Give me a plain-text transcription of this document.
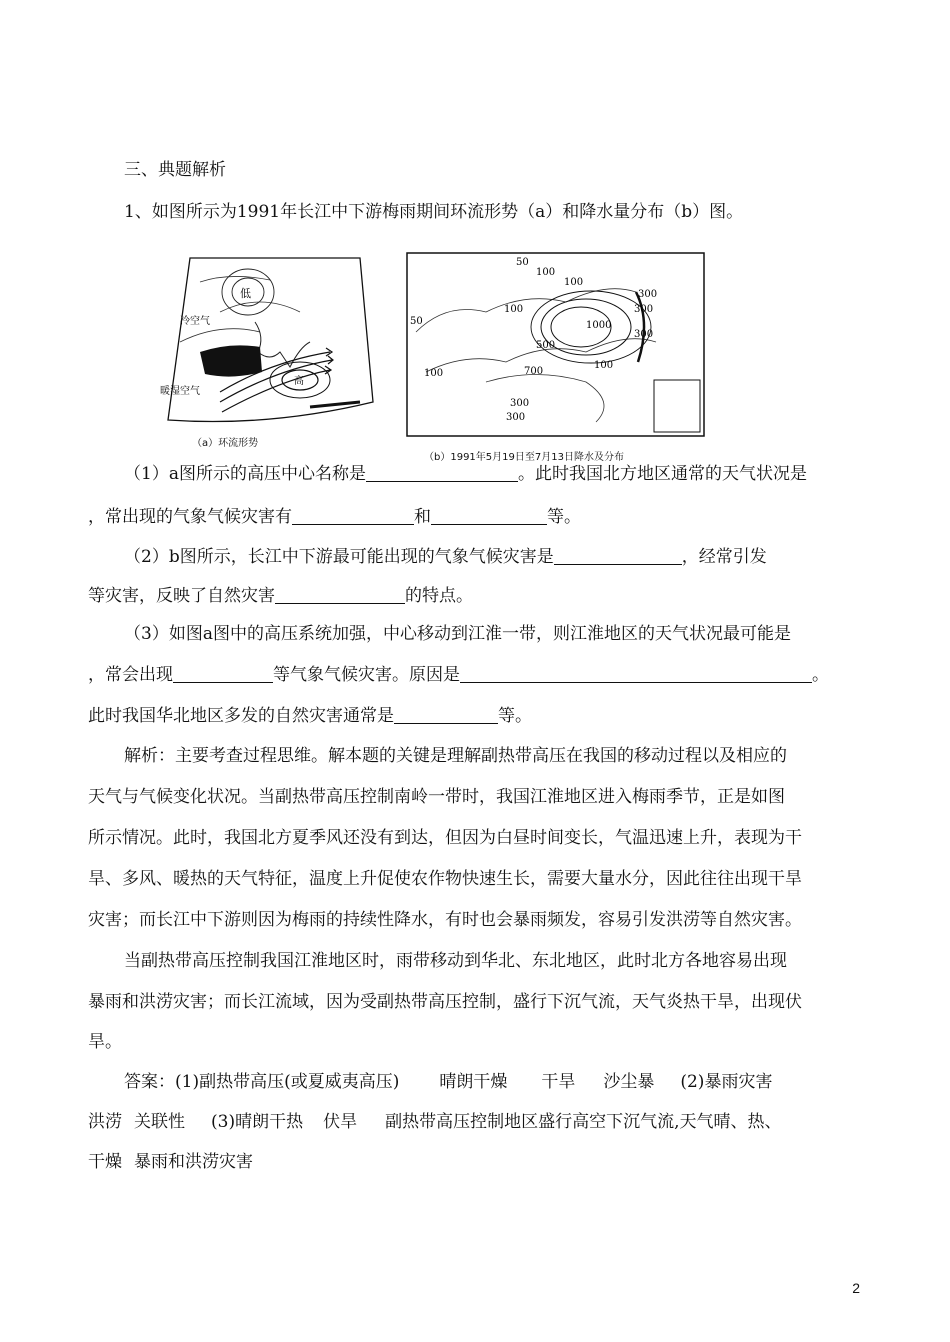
三、典题解析
1、如图所示为1991年长江中下游梅雨期间环流形势（a）和降水量分布（b）图。
低
冷空气
高
暖湿空气
（a）环流形势
50
100
100
300
50
100
1000
500
700
100
100
300
300
300
300
（b）1991年5月19日至7月13日降水及分布
（1）a图所示的高压中心名称是	。此时我国北方地区通常的天气状况是
，常出现的气象气候灾害有	和	等。
（2）b图所示，长江中下游最可能出现的气象气候灾害是	，经常引发
等灾害，反映了自然灾害	的特点。
（3）如图a图中的高压系统加强，中心移动到江淮一带，则江淮地区的天气状况最可能是
，常会出现	等气象气候灾害。原因是	。
此时我国华北地区多发的自然灾害通常是	等。
解析：主要考查过程思维。解本题的关键是理解副热带高压在我国的移动过程以及相应的
天气与气候变化状况。当副热带高压控制南岭一带时，我国江淮地区进入梅雨季节，正是如图
所示情况。此时，我国北方夏季风还没有到达，但因为白昼时间变长，气温迅速上升，表现为干
旱、多风、暖热的天气特征，温度上升促使农作物快速生长，需要大量水分，因此往往出现干旱
灾害；而长江中下游则因为梅雨的持续性降水，有时也会暴雨频发，容易引发洪涝等自然灾害。
当副热带高压控制我国江淮地区时，雨带移动到华北、东北地区，此时北方各地容易出现
暴雨和洪涝灾害；而长江流域，因为受副热带高压控制，盛行下沉气流，天气炎热干旱，出现伏
旱。
答案：(1)副热带高压(或夏威夷高压) 晴朗干燥 干旱 沙尘暴 (2)暴雨灾害
洪涝 关联性 (3)晴朗干热 伏旱 副热带高压控制地区盛行高空下沉气流,天气晴、热、
干燥 暴雨和洪涝灾害
2
